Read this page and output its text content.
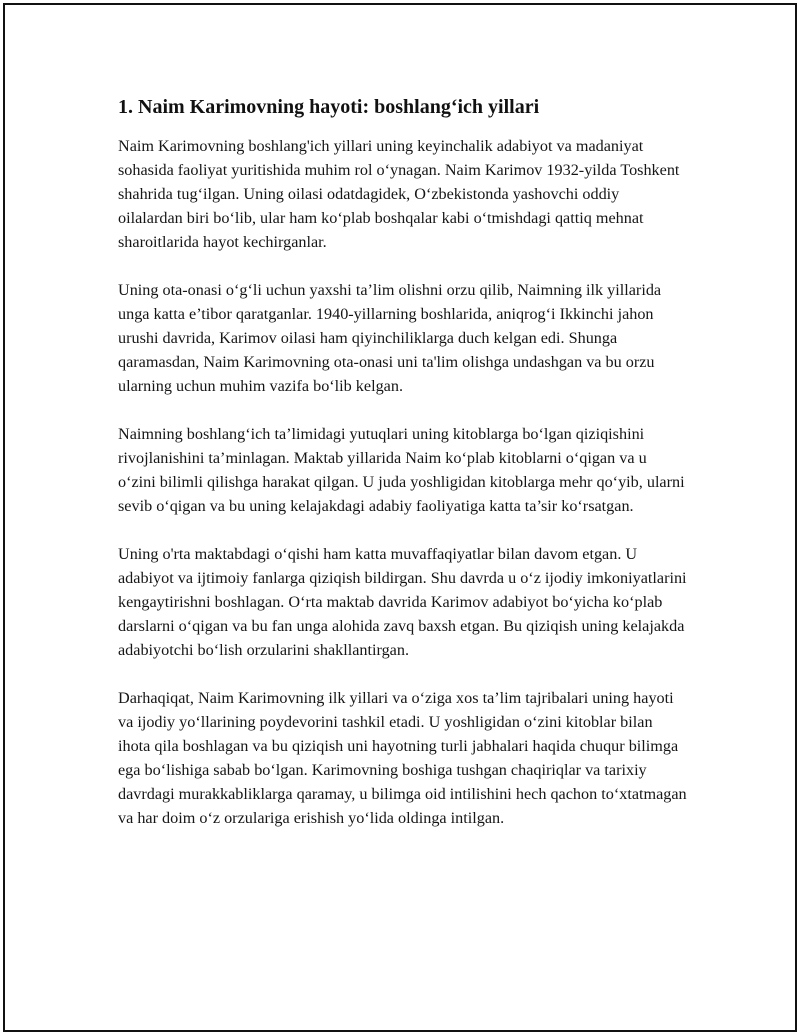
1. Naim Karimovning hayoti: boshlang‘ich yillari

Naim Karimovning boshlang'ich yillari uning keyinchalik adabiyot va madaniyat sohasida faoliyat yuritishida muhim rol o‘ynagan. Naim Karimov 1932-yilda Toshkent shahrida tug‘ilgan. Uning oilasi odatdagidek, O‘zbekistonda yashovchi oddiy oilalardan biri bo‘lib, ular ham ko‘plab boshqalar kabi o‘tmishdagi qattiq mehnat sharoitlarida hayot kechirganlar.

Uning ota-onasi o‘g‘li uchun yaxshi ta’lim olishni orzu qilib, Naimning ilk yillarida unga katta e’tibor qaratganlar. 1940-yillarning boshlarida, aniqrog‘i Ikkinchi jahon urushi davrida, Karimov oilasi ham qiyinchiliklarga duch kelgan edi. Shunga qaramasdan, Naim Karimovning ota-onasi uni ta'lim olishga undashgan va bu orzu ularning uchun muhim vazifa bo‘lib kelgan.

Naimning boshlang‘ich ta’limidagi yutuqlari uning kitoblarga bo‘lgan qiziqishini rivojlanishini ta’minlagan. Maktab yillarida Naim ko‘plab kitoblarni o‘qigan va u o‘zini bilimli qilishga harakat qilgan. U juda yoshligidan kitoblarga mehr qo‘yib, ularni sevib o‘qigan va bu uning kelajakdagi adabiy faoliyatiga katta ta’sir ko‘rsatgan.

Uning o'rta maktabdagi o‘qishi ham katta muvaffaqiyatlar bilan davom etgan. U adabiyot va ijtimoiy fanlarga qiziqish bildirgan. Shu davrda u o‘z ijodiy imkoniyatlarini kengaytirishni boshlagan. O‘rta maktab davrida Karimov adabiyot bo‘yicha ko‘plab darslarni o‘qigan va bu fan unga alohida zavq baxsh etgan. Bu qiziqish uning kelajakda adabiyotchi bo‘lish orzularini shakllantirgan.

Darhaqiqat, Naim Karimovning ilk yillari va o‘ziga xos ta’lim tajribalari uning hayoti va ijodiy yo‘llarining poydevorini tashkil etadi. U yoshligidan o‘zini kitoblar bilan ihota qila boshlagan va bu qiziqish uni hayotning turli jabhalari haqida chuqur bilimga ega bo‘lishiga sabab bo‘lgan. Karimovning boshiga tushgan chaqiriqlar va tarixiy davrdagi murakkabliklarga qaramay, u bilimga oid intilishini hech qachon to‘xtatmagan va har doim o‘z orzulariga erishish yo‘lida oldinga intilgan.
